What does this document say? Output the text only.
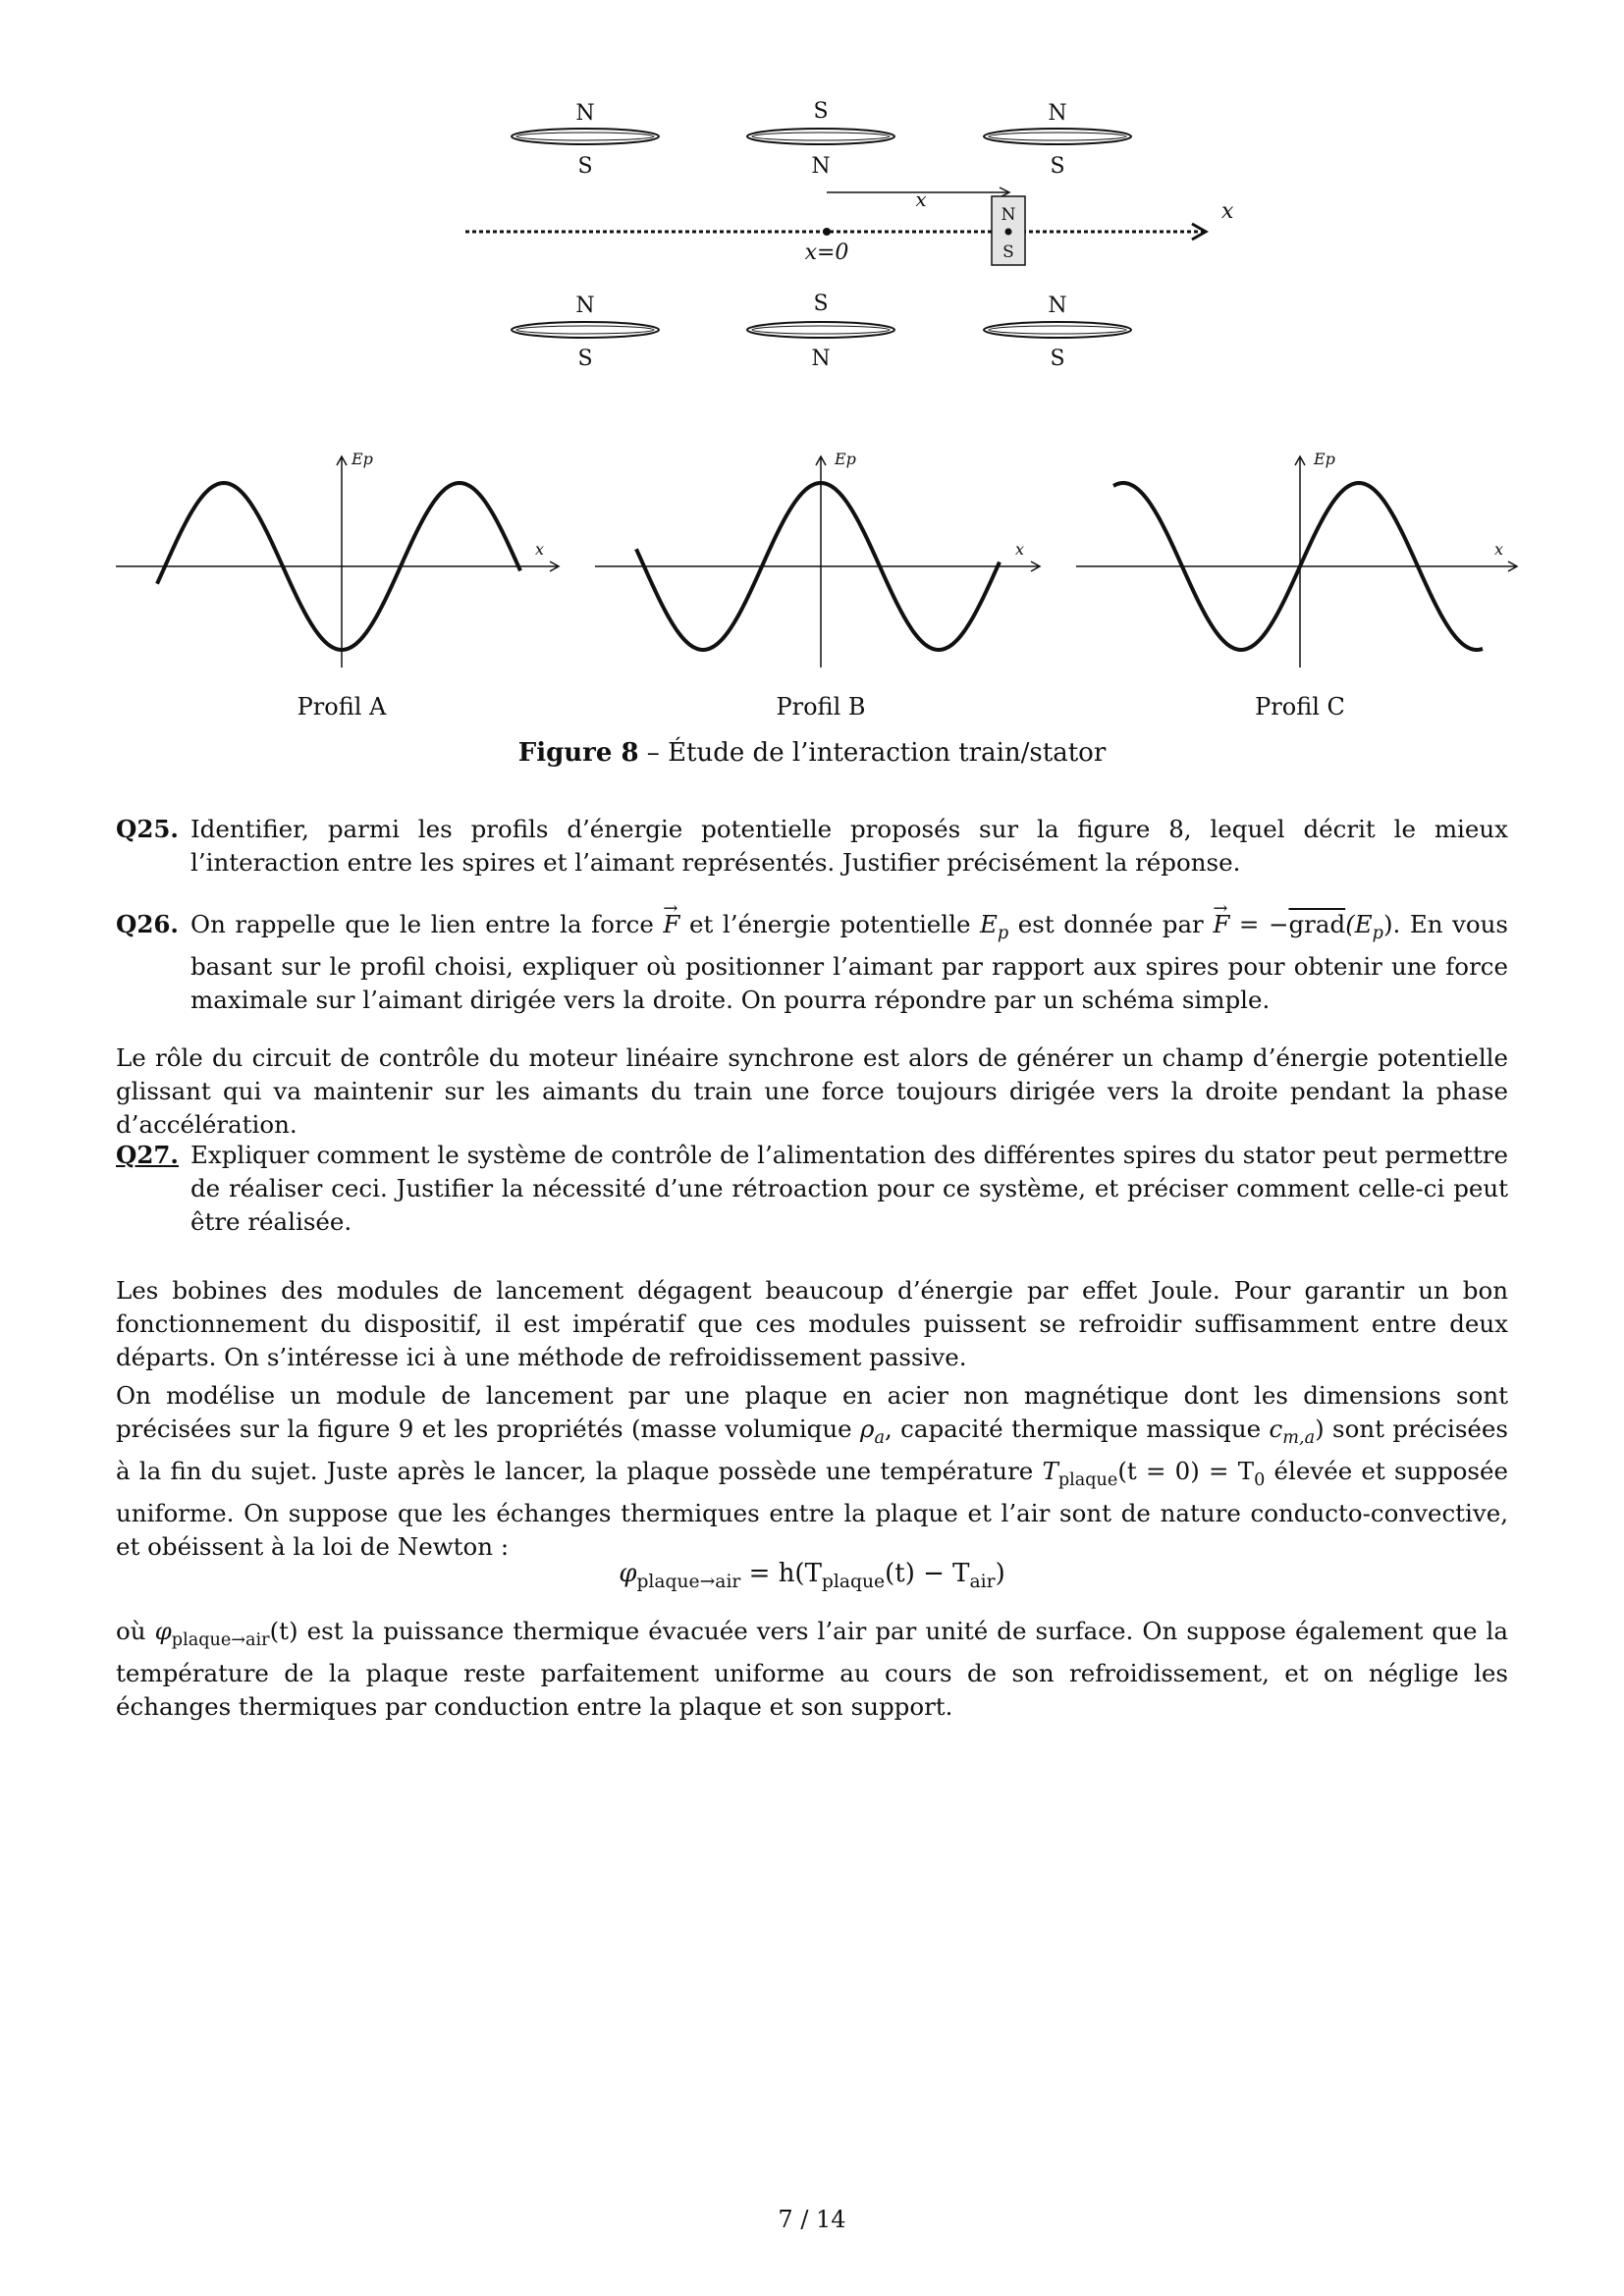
N
S
S
N
N
S
x
x=0
x
N
S
N
S
S
N
N
S
Ep
x
Ep
x
Ep
x
Profil A	Profil B	Profil C
Figure 8 – Étude de l’interaction train/stator
Q25. Identifier, parmi les profils d’énergie potentielle proposés sur la figure 8, lequel décrit le mieux l’interaction entre les spires et l’aimant représentés. Justifier précisément la réponse.
Q26. On rappelle que le lien entre la force → F et l’énergie potentielle $E_p$ est donnée par → $F = -grad(E_p)$. En vous basant sur le profil choisi, expliquer où positionner l’aimant par rapport aux spires pour obtenir une force maximale sur l’aimant dirigée vers la droite. On pourra répondre par un schéma simple.
Le rôle du circuit de contrôle du moteur linéaire synchrone est alors de générer un champ d’énergie potentielle glissant qui va maintenir sur les aimants du train une force toujours dirigée vers la droite pendant la phase d’accélération.
Q27. Expliquer comment le système de contrôle de l’alimentation des différentes spires du stator peut permettre de réaliser ceci. Justifier la nécessité d’une rétroaction pour ce système, et préciser comment celle-ci peut être réalisée.
Les bobines des modules de lancement dégagent beaucoup d’énergie par effet Joule. Pour garantir un bon fonctionnement du dispositif, il est impératif que ces modules puissent se refroidir suffisamment entre deux départs. On s’intéresse ici à une méthode de refroidissement passive.
On modélise un module de lancement par une plaque en acier non magnétique dont les dimensions sont précisées sur la figure 9 et les propriétés (masse volumique $\rho_a$, capacité thermique massique $c_{m,a}$) sont précisées à la fin du sujet. Juste après le lancer, la plaque possède une température $T_{plaque}(t = 0) = T_0$ élevée et supposée uniforme. On suppose que les échanges thermiques entre la plaque et l’air sont de nature conducto-convective, et obéissent à la loi de Newton :
$\varphi_{plaque\to air} = h(T_{plaque}(t) - T_{air})$
où $\varphi_{plaque\to air}(t)$ est la puissance thermique évacuée vers l’air par unité de surface. On suppose également que la température de la plaque reste parfaitement uniforme au cours de son refroidissement, et on néglige les échanges thermiques par conduction entre la plaque et son support.
7 / 14
